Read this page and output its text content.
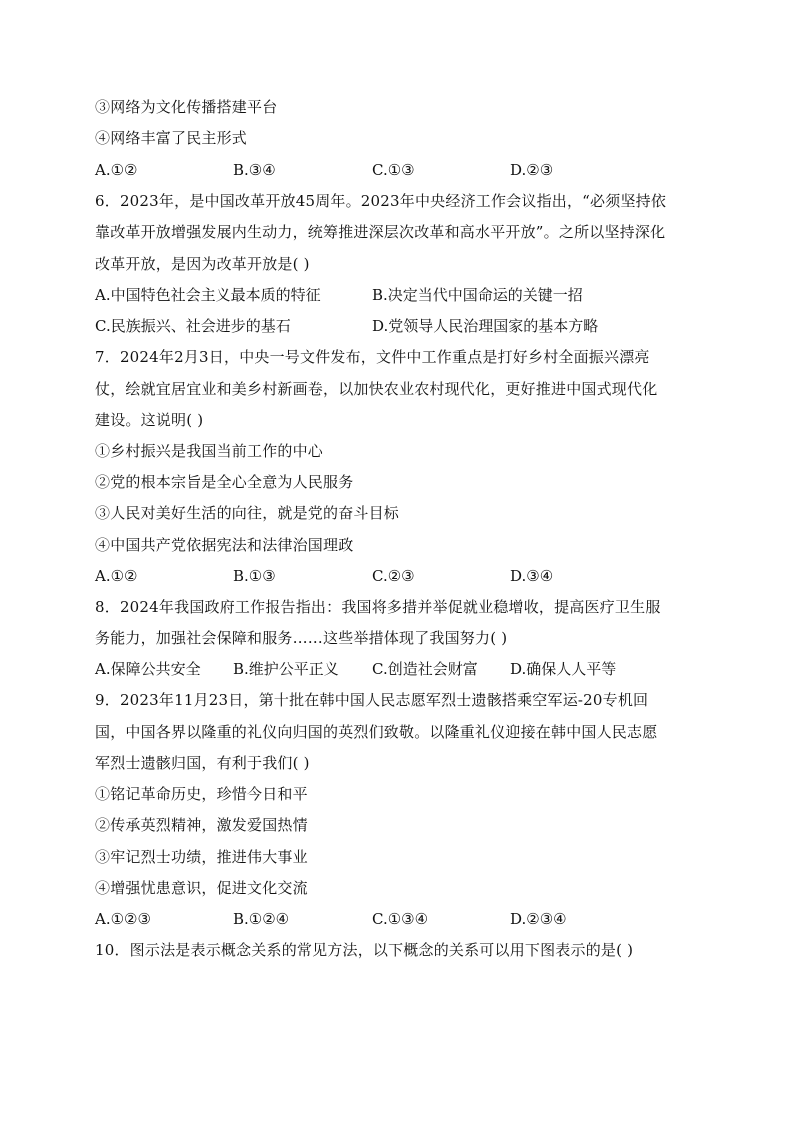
③网络为文化传播搭建平台
④网络丰富了民主形式
A.①②	B.③④	C.①③	D.②③
6．2023年，是中国改革开放45周年。2023年中央经济工作会议指出，“必须坚持依
靠改革开放增强发展内生动力，统筹推进深层次改革和高水平开放”。之所以坚持深化
改革开放，是因为改革开放是( )
A.中国特色社会主义最本质的特征	B.决定当代中国命运的关键一招
C.民族振兴、社会进步的基石	D.党领导人民治理国家的基本方略
7．2024年2月3日，中央一号文件发布，文件中工作重点是打好乡村全面振兴漂亮
仗，绘就宜居宜业和美乡村新画卷，以加快农业农村现代化，更好推进中国式现代化
建设。这说明( )
①乡村振兴是我国当前工作的中心
②党的根本宗旨是全心全意为人民服务
③人民对美好生活的向往，就是党的奋斗目标
④中国共产党依据宪法和法律治国理政
A.①②	B.①③	C.②③	D.③④
8．2024年我国政府工作报告指出：我国将多措并举促就业稳增收，提高医疗卫生服
务能力，加强社会保障和服务……这些举措体现了我国努力( )
A.保障公共安全 B.维护公平正义 C.创造社会财富 D.确保人人平等
9．2023年11月23日，第十批在韩中国人民志愿军烈士遗骸搭乘空军运-20专机回
国，中国各界以隆重的礼仪向归国的英烈们致敬。以隆重礼仪迎接在韩中国人民志愿
军烈士遗骸归国，有利于我们( )
①铭记革命历史，珍惜今日和平
②传承英烈精神，激发爱国热情
③牢记烈士功绩，推进伟大事业
④增强忧患意识，促进文化交流
A.①②③	B.①②④	C.①③④	D.②③④
10．图示法是表示概念关系的常见方法，以下概念的关系可以用下图表示的是( )
